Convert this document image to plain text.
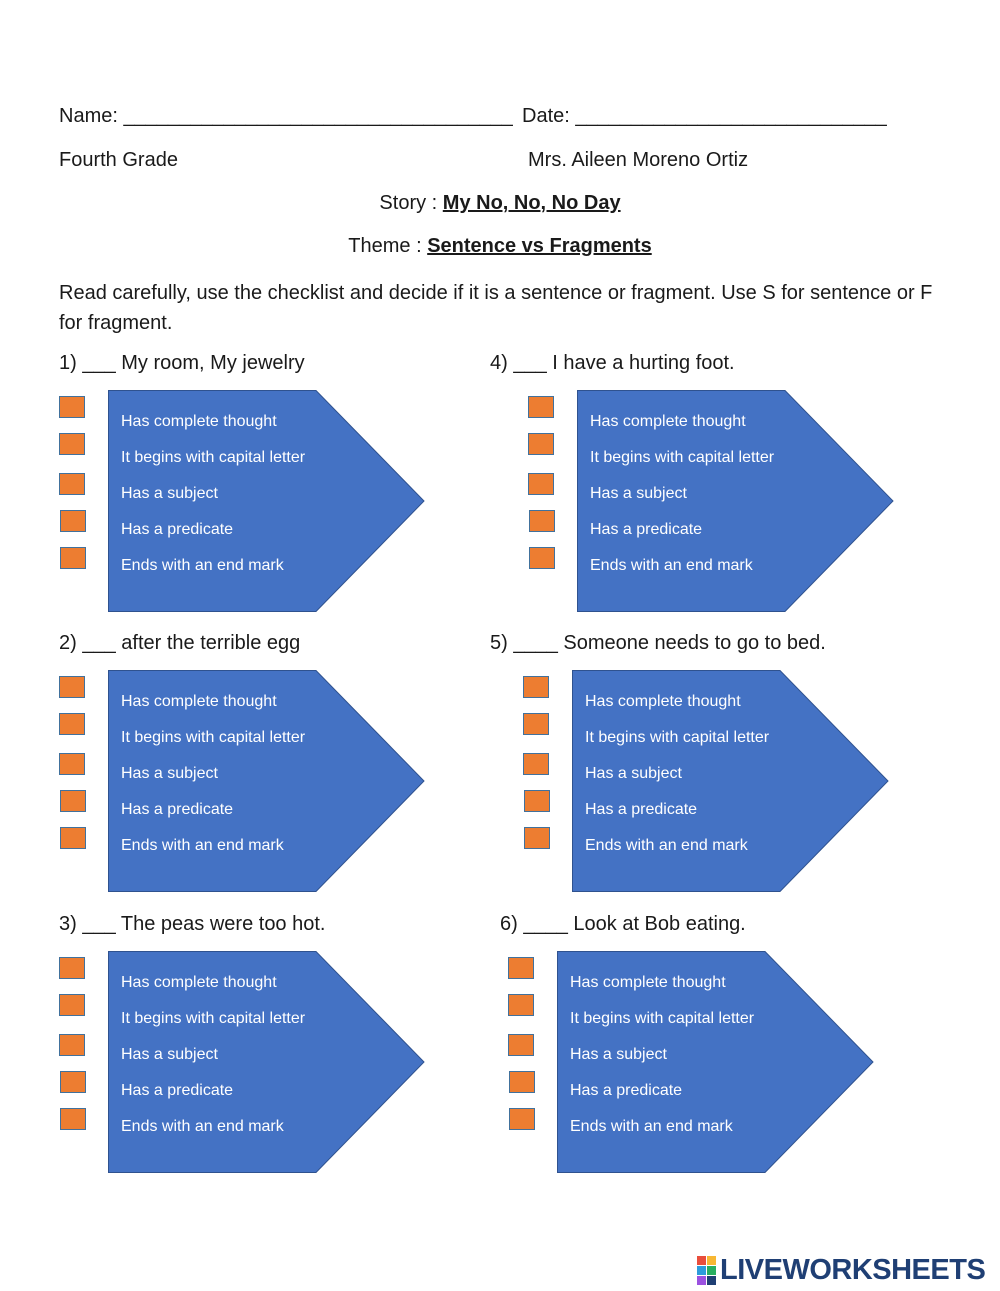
Name: ___________________________________ Date: ____________________________
Fourth Grade	Mrs. Aileen Moreno Ortiz
Story : My No, No, No Day
Theme : Sentence vs Fragments
Read carefully, use the checklist and decide if it is a sentence or fragment. Use S for sentence or F for fragment.
1) ___ My room, My jewelry
Has complete thought
It begins with capital letter
Has a subject
Has a predicate
Ends with an end mark
4) ___ I have a hurting foot.
Has complete thought
It begins with capital letter
Has a subject
Has a predicate
Ends with an end mark
2) ___ after the terrible egg
Has complete thought
It begins with capital letter
Has a subject
Has a predicate
Ends with an end mark
5) ____ Someone needs to go to bed.
Has complete thought
It begins with capital letter
Has a subject
Has a predicate
Ends with an end mark
3) ___ The peas were too hot.
Has complete thought
It begins with capital letter
Has a subject
Has a predicate
Ends with an end mark
6) ____ Look at Bob eating.
Has complete thought
It begins with capital letter
Has a subject
Has a predicate
Ends with an end mark
LIVEWORKSHEETS
